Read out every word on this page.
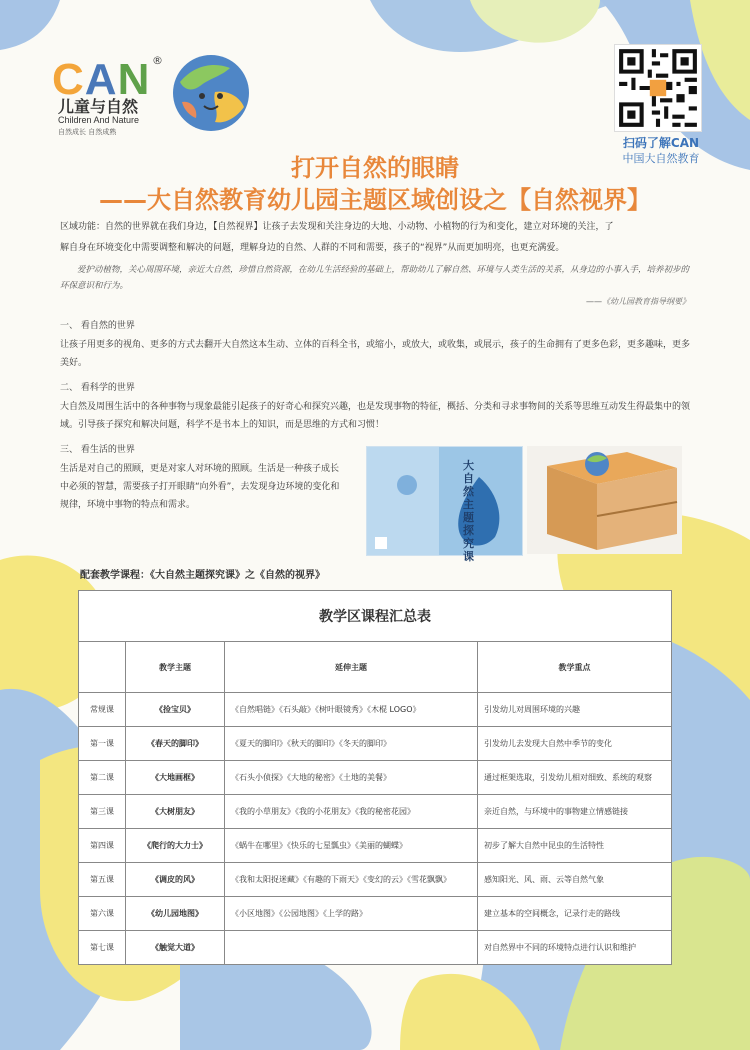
CAN ®
儿童与自然
Children And Nature
自然成长 自然成熟
扫码了解CAN
中国大自然教育
打开自然的眼睛
——大自然教育幼儿园主题区域创设之【自然视界】
区域功能：自然的世界就在我们身边，【自然视界】让孩子去发现和关注身边的大地、小动物、小植物的行为和变化，建立对环境的关注，了
解自身在环境变化中需要调整和解决的问题，理解身边的自然、人群的不同和需要，孩子的“视界”从而更加明亮，也更充满爱。
爱护动植物，关心周围环境，亲近大自然，珍惜自然资源，在幼儿生活经验的基础上，帮助幼儿了解自然、环境与人类生活的关系，从身边的小事入手，培养初步的环保意识和行为。
——《幼儿园教育指导纲要》
一、 看自然的世界
让孩子用更多的视角、更多的方式去翻开大自然这本生动、立体的百科全书，或缩小，或放大，或收集，或展示，孩子的生命拥有了更多色彩，更多趣味，更多美好。
二、 看科学的世界
大自然及周围生活中的各种事物与现象最能引起孩子的好奇心和探究兴趣，也是发现事物的特征，概括、分类和寻求事物间的关系等思维互动发生得最集中的领域。引导孩子探究和解决问题，科学不是书本上的知识，而是思维的方式和习惯！
三、 看生活的世界
生活是对自己的照顾，更是对家人对环境的照顾。生活是一种孩子成长中必须的智慧，需要孩子打开眼睛“向外看”，去发现身边环境的变化和规律，环境中事物的特点和需求。
大自然主题探究课
配套教学课程：《大自然主题探究课》之《自然的视界》
教学区课程汇总表			
	教学主题	延伸主题	教学重点
常规课	《捡宝贝》	《自然唱链》《石头敲》《树叶眼镜秀》《木棍 LOGO》	引发幼儿对周围环境的兴趣
第一课	《春天的脚印》	《夏天的脚印》《秋天的脚印》《冬天的脚印》	引发幼儿去发现大自然中季节的变化
第二课	《大地画框》	《石头小侦探》《大地的秘密》《土地的美餐》	通过框架选取，引发幼儿相对细致、系统的观察
第三课	《大树朋友》	《我的小草朋友》《我的小花朋友》《我的秘密花园》	亲近自然，与环境中的事物建立情感链接
第四课	《爬行的大力士》	《蜗牛在哪里》《快乐的七星瓢虫》《美丽的蝴蝶》	初步了解大自然中昆虫的生活特性
第五课	《调皮的风》	《我和太阳捉迷藏》《有趣的下雨天》《变幻的云》《雪花飘飘》	感知阳光、风、雨、云等自然气象
第六课	《幼儿园地图》	《小区地图》《公园地图》《上学的路》	建立基本的空间概念，记录行走的路线
第七课	《触觉大道》		对自然界中不同的环境特点进行认识和维护
